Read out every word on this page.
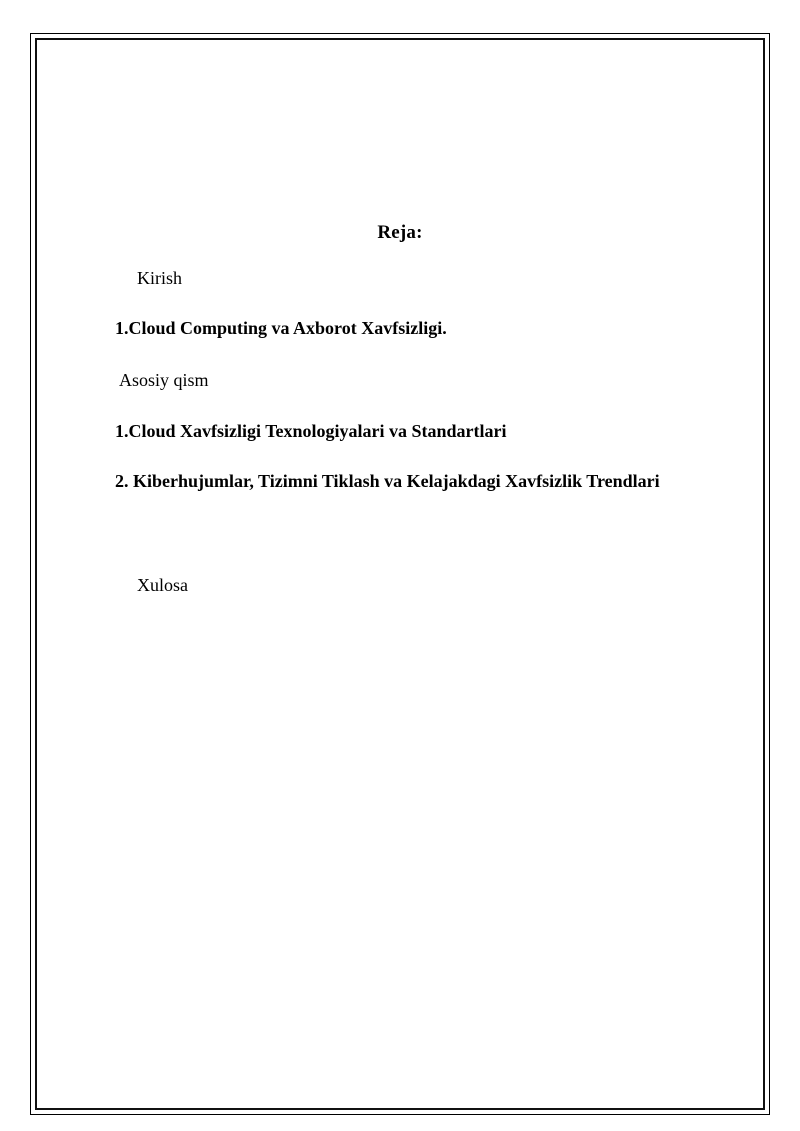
Reja:
Kirish
1.Cloud Computing va Axborot Xavfsizligi.
Asosiy qism
1.Cloud Xavfsizligi Texnologiyalari va Standartlari
2. Kiberhujumlar, Tizimni Tiklash va Kelajakdagi Xavfsizlik Trendlari
Xulosa
